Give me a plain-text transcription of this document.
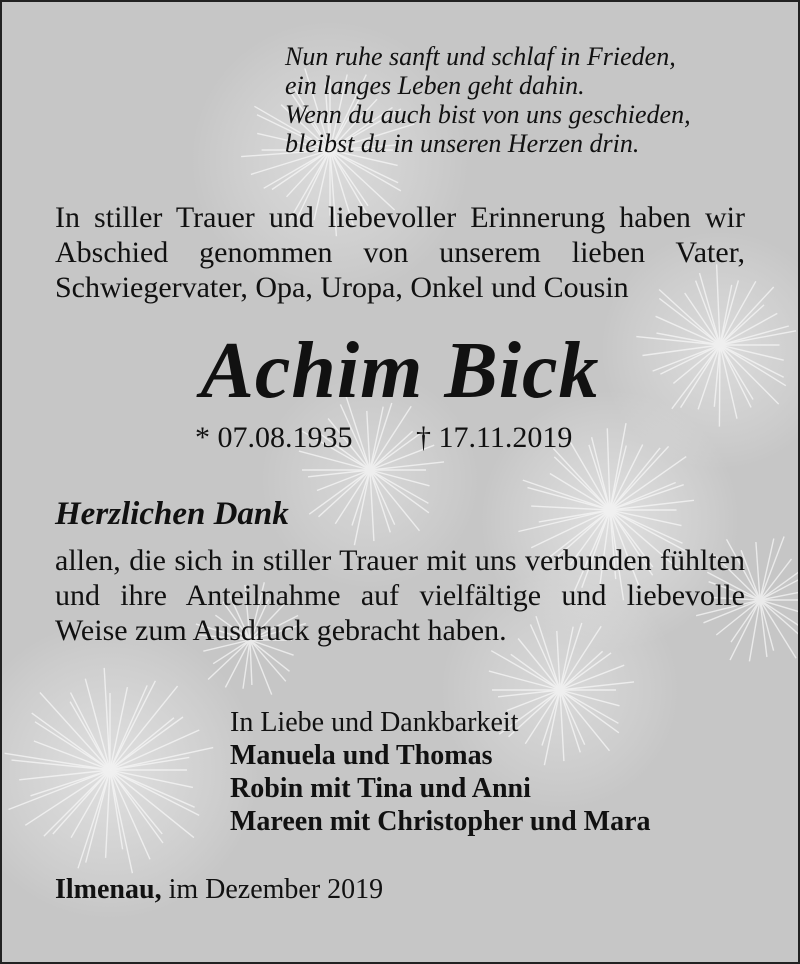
Nun ruhe sanft und schlaf in Frieden,
ein langes Leben geht dahin.
Wenn du auch bist von uns geschieden,
bleibst du in unseren Herzen drin.
In stiller Trauer und liebevoller Erinnerung haben wir Abschied genommen von unserem lieben Vater, Schwiegervater, Opa, Uropa, Onkel und Cousin
Achim Bick
* 07.08.1935 † 17.11.2019
Herzlichen Dank
allen, die sich in stiller Trauer mit uns verbunden fühlten und ihre Anteilnahme auf vielfältige und liebevolle Weise zum Ausdruck gebracht haben.
In Liebe und Dankbarkeit
Manuela und Thomas
Robin mit Tina und Anni
Mareen mit Christopher und Mara
Ilmenau, im Dezember 2019
